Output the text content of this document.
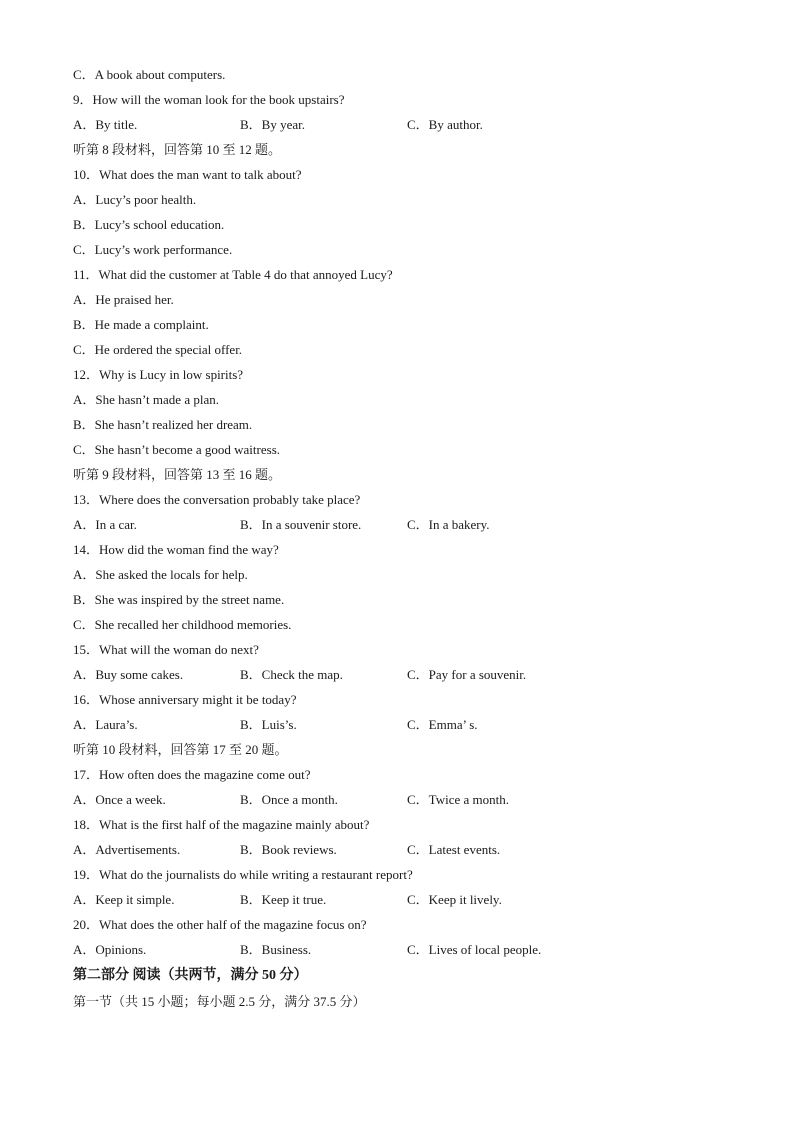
C．A book about computers.
9．How will the woman look for the book upstairs?
A．By title.	B．By year.	C．By author.
听第 8 段材料，回答第 10 至 12 题。
10．What does the man want to talk about?
A．Lucy’s poor health.
B．Lucy’s school education.
C．Lucy’s work performance.
11．What did the customer at Table 4 do that annoyed Lucy?
A．He praised her.
B．He made a complaint.
C．He ordered the special offer.
12．Why is Lucy in low spirits?
A．She hasn’t made a plan.
B．She hasn’t realized her dream.
C．She hasn’t become a good waitress.
听第 9 段材料，回答第 13 至 16 题。
13．Where does the conversation probably take place?
A．In a car.	B．In a souvenir store.	C．In a bakery.
14．How did the woman find the way?
A．She asked the locals for help.
B．She was inspired by the street name.
C．She recalled her childhood memories.
15．What will the woman do next?
A．Buy some cakes.	B．Check the map.	C．Pay for a souvenir.
16．Whose anniversary might it be today?
A．Laura’s.	B．Luis’s.	C．Emma’ s.
听第 10 段材料，回答第 17 至 20 题。
17．How often does the magazine come out?
A．Once a week.	B．Once a month.	C．Twice a month.
18．What is the first half of the magazine mainly about?
A．Advertisements.	B．Book reviews.	C．Latest events.
19．What do the journalists do while writing a restaurant report?
A．Keep it simple.	B．Keep it true.	C．Keep it lively.
20．What does the other half of the magazine focus on?
A．Opinions.	B．Business.	C．Lives of local people.
第二部分 阅读（共两节，满分 50 分）
第一节（共 15 小题；每小题 2.5 分，满分 37.5 分）
